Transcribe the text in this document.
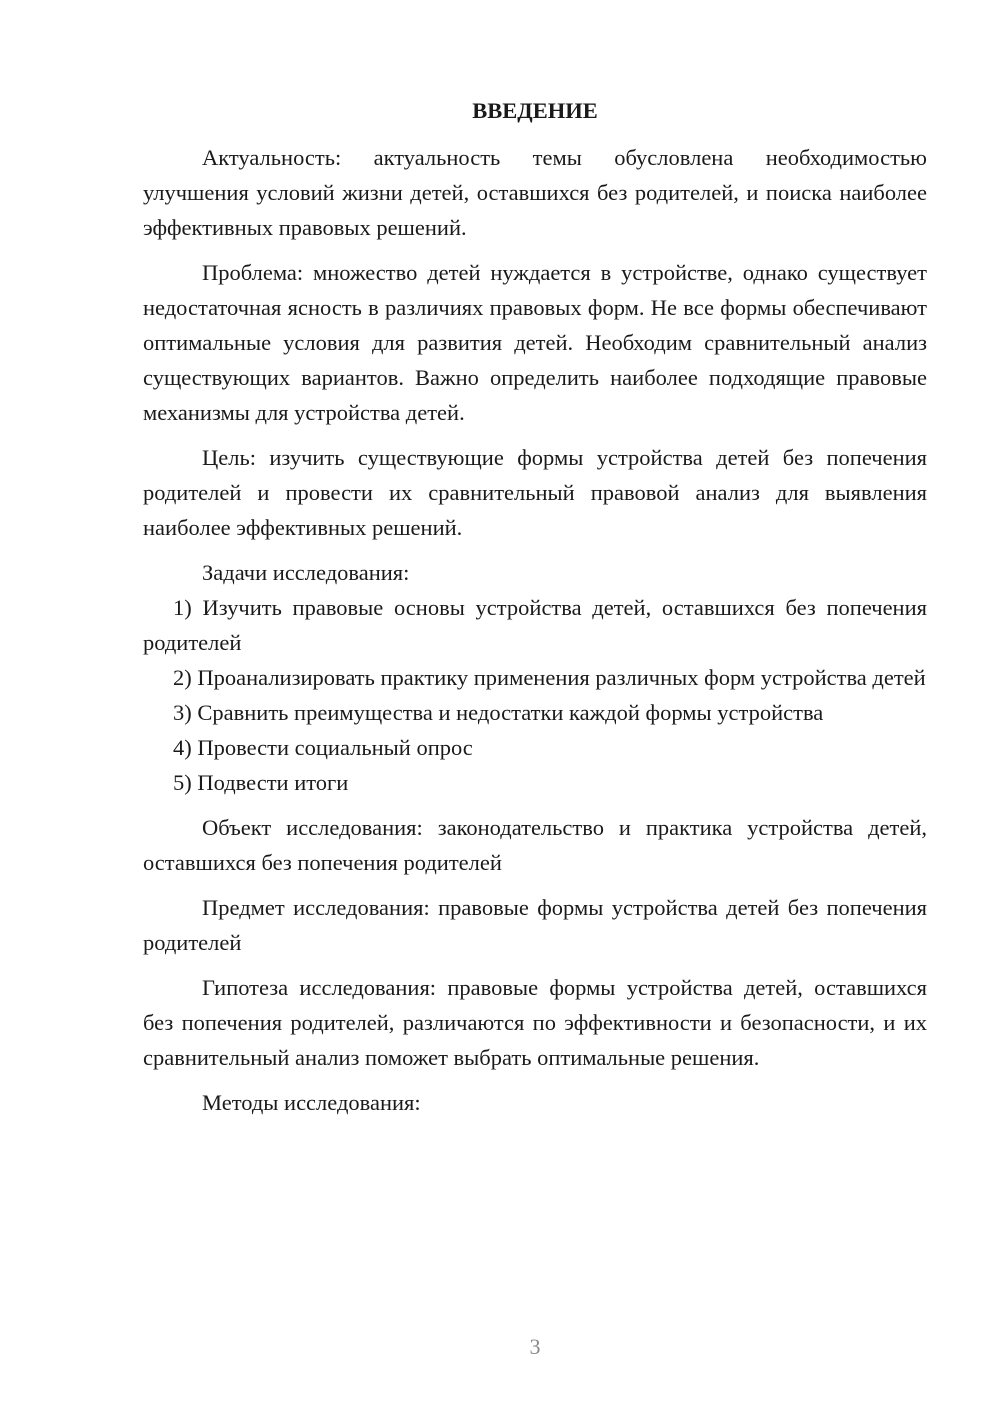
ВВЕДЕНИЕ

Актуальность: актуальность темы обусловлена необходимостью улучшения условий жизни детей, оставшихся без родителей, и поиска наиболее эффективных правовых решений.

Проблема: множество детей нуждается в устройстве, однако существует недостаточная ясность в различиях правовых форм. Не все формы обеспечивают оптимальные условия для развития детей. Необходим сравнительный анализ существующих вариантов. Важно определить наиболее подходящие правовые механизмы для устройства детей.

Цель: изучить существующие формы устройства детей без попечения родителей и провести их сравнительный правовой анализ для выявления наиболее эффективных решений.

Задачи исследования:

1) Изучить правовые основы устройства детей, оставшихся без попечения родителей

2) Проанализировать практику применения различных форм устройства детей

3) Сравнить преимущества и недостатки каждой формы устройства

4) Провести социальный опрос

5) Подвести итоги

Объект исследования: законодательство и практика устройства детей, оставшихся без попечения родителей

Предмет исследования: правовые формы устройства детей без попечения родителей

Гипотеза исследования: правовые формы устройства детей, оставшихся без попечения родителей, различаются по эффективности и безопасности, и их сравнительный анализ поможет выбрать оптимальные решения.

Методы исследования:

3
